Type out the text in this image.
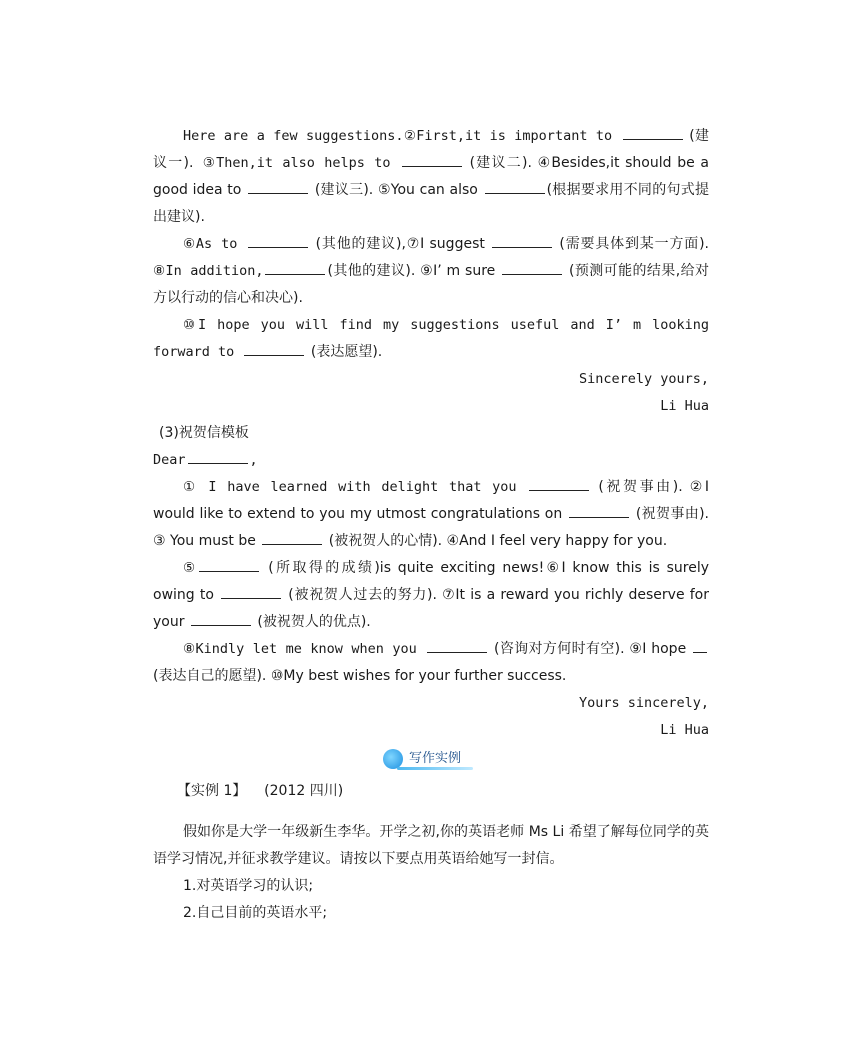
Here are a few suggestions.②First,it is important to	(建议一). ③Then,it also helps to	(建议二). ④Besides,it should be a good idea to	(建议三). ⑤You can also	(根据要求用不同的句式提出建议).

⑥As to	(其他的建议),⑦I suggest	(需要具体到某一方面). ⑧In addition,	(其他的建议). ⑨I’ m sure	(预测可能的结果,给对方以行动的信心和决心).

⑩I hope you will find my suggestions useful and I’ m looking forward to	(表达愿望).

Sincerely yours,

Li Hua

(3)祝贺信模板

Dear	,

① I have learned with delight that you	(祝贺事由). ②I would like to extend to you my utmost congratulations on	(祝贺事由). ③ You must be	(被祝贺人的心情). ④And I feel very happy for you.

⑤	(所取得的成绩)is quite exciting news!⑥I know this is surely owing to	(被祝贺人过去的努力). ⑦It is a reward you richly deserve for your	(被祝贺人的优点).

⑧Kindly let me know when you	(咨询对方何时有空). ⑨I hope  (表达自己的愿望). ⑩My best wishes for your further success.

Yours sincerely,

Li Hua

写作实例

【实例 1】 (2012 四川)

假如你是大学一年级新生李华。开学之初,你的英语老师 Ms Li 希望了解每位同学的英语学习情况,并征求教学建议。请按以下要点用英语给她写一封信。

1.对英语学习的认识;

2.自己目前的英语水平;
